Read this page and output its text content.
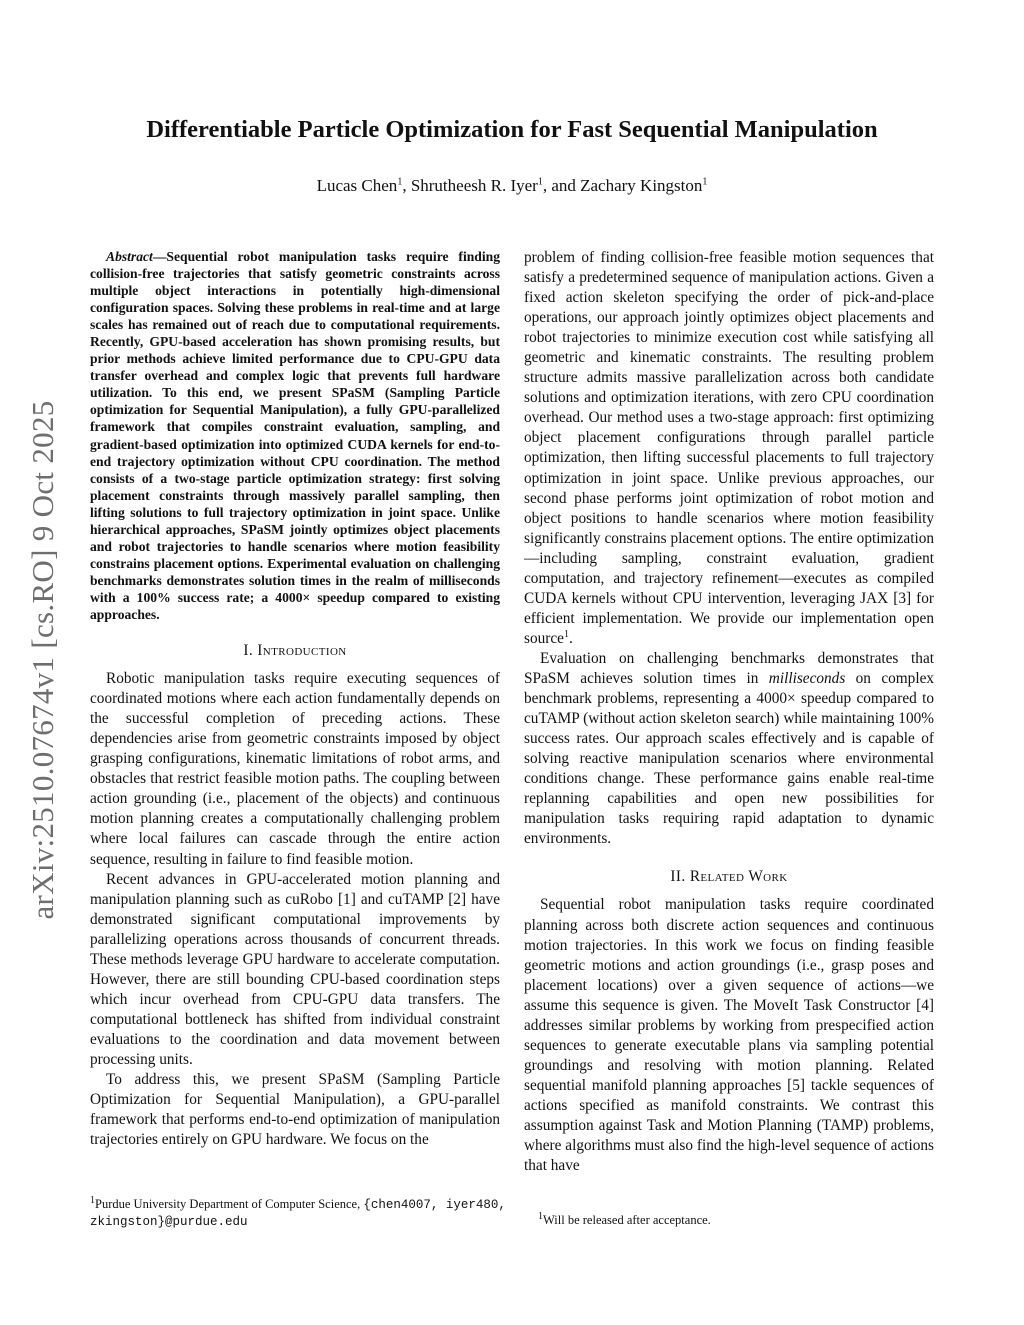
arXiv:2510.07674v1 [cs.RO] 9 Oct 2025
Differentiable Particle Optimization for Fast Sequential Manipulation
Lucas Chen$^1$, Shrutheesh R. Iyer$^1$, and Zachary Kingston$^1$

Abstract—Sequential robot manipulation tasks require finding collision-free trajectories that satisfy geometric constraints across multiple object interactions in potentially high-dimensional configuration spaces. Solving these problems in real-time and at large scales has remained out of reach due to computational requirements. Recently, GPU-based acceleration has shown promising results, but prior methods achieve limited performance due to CPU-GPU data transfer overhead and complex logic that prevents full hardware utilization. To this end, we present SPaSM (Sampling Particle optimization for Sequential Manipulation), a fully GPU-parallelized framework that compiles constraint evaluation, sampling, and gradient-based optimization into optimized CUDA kernels for end-to-end trajectory optimization without CPU coordination. The method consists of a two-stage particle optimization strategy: first solving placement constraints through massively parallel sampling, then lifting solutions to full trajectory optimization in joint space. Unlike hierarchical approaches, SPaSM jointly optimizes object placements and robot trajectories to handle scenarios where motion feasibility constrains placement options. Experimental evaluation on challenging benchmarks demonstrates solution times in the realm of milliseconds with a 100% success rate; a 4000× speedup compared to existing approaches.

I. Introduction

Robotic manipulation tasks require executing sequences of coordinated motions where each action fundamentally depends on the successful completion of preceding actions. These dependencies arise from geometric constraints imposed by object grasping configurations, kinematic limitations of robot arms, and obstacles that restrict feasible motion paths. The coupling between action grounding (i.e., placement of the objects) and continuous motion planning creates a computationally challenging problem where local failures can cascade through the entire action sequence, resulting in failure to find feasible motion.

Recent advances in GPU-accelerated motion planning and manipulation planning such as cuRobo [1] and cuTAMP [2] have demonstrated significant computational improvements by parallelizing operations across thousands of concurrent threads. These methods leverage GPU hardware to accelerate computation. However, there are still bounding CPU-based coordination steps which incur overhead from CPU-GPU data transfers. The computational bottleneck has shifted from individual constraint evaluations to the coordination and data movement between processing units.

To address this, we present SPaSM (Sampling Particle Optimization for Sequential Manipulation), a GPU-parallel framework that performs end-to-end optimization of manipulation trajectories entirely on GPU hardware. We focus on the

problem of finding collision-free feasible motion sequences that satisfy a predetermined sequence of manipulation actions. Given a fixed action skeleton specifying the order of pick-and-place operations, our approach jointly optimizes object placements and robot trajectories to minimize execution cost while satisfying all geometric and kinematic constraints. The resulting problem structure admits massive parallelization across both candidate solutions and optimization iterations, with zero CPU coordination overhead. Our method uses a two-stage approach: first optimizing object placement configurations through parallel particle optimization, then lifting successful placements to full trajectory optimization in joint space. Unlike previous approaches, our second phase performs joint optimization of robot motion and object positions to handle scenarios where motion feasibility significantly constrains placement options. The entire optimization—including sampling, constraint evaluation, gradient computation, and trajectory refinement—executes as compiled CUDA kernels without CPU intervention, leveraging JAX [3] for efficient implementation. We provide our implementation open source$^1$.

Evaluation on challenging benchmarks demonstrates that SPaSM achieves solution times in milliseconds on complex benchmark problems, representing a 4000× speedup compared to cuTAMP (without action skeleton search) while maintaining 100% success rates. Our approach scales effectively and is capable of solving reactive manipulation scenarios where environmental conditions change. These performance gains enable real-time replanning capabilities and open new possibilities for manipulation tasks requiring rapid adaptation to dynamic environments.

II. Related Work

Sequential robot manipulation tasks require coordinated planning across both discrete action sequences and continuous motion trajectories. In this work we focus on finding feasible geometric motions and action groundings (i.e., grasp poses and placement locations) over a given sequence of actions—we assume this sequence is given. The MoveIt Task Constructor [4] addresses similar problems by working from prespecified action sequences to generate executable plans via sampling potential groundings and resolving with motion planning. Related sequential manifold planning approaches [5] tackle sequences of actions specified as manifold constraints. We contrast this assumption against Task and Motion Planning (TAMP) problems, where algorithms must also find the high-level sequence of actions that have

$^1$Purdue University Department of Computer Science, {chen4007, iyer480, zkingston}@purdue.edu	$^1$Will be released after acceptance.
